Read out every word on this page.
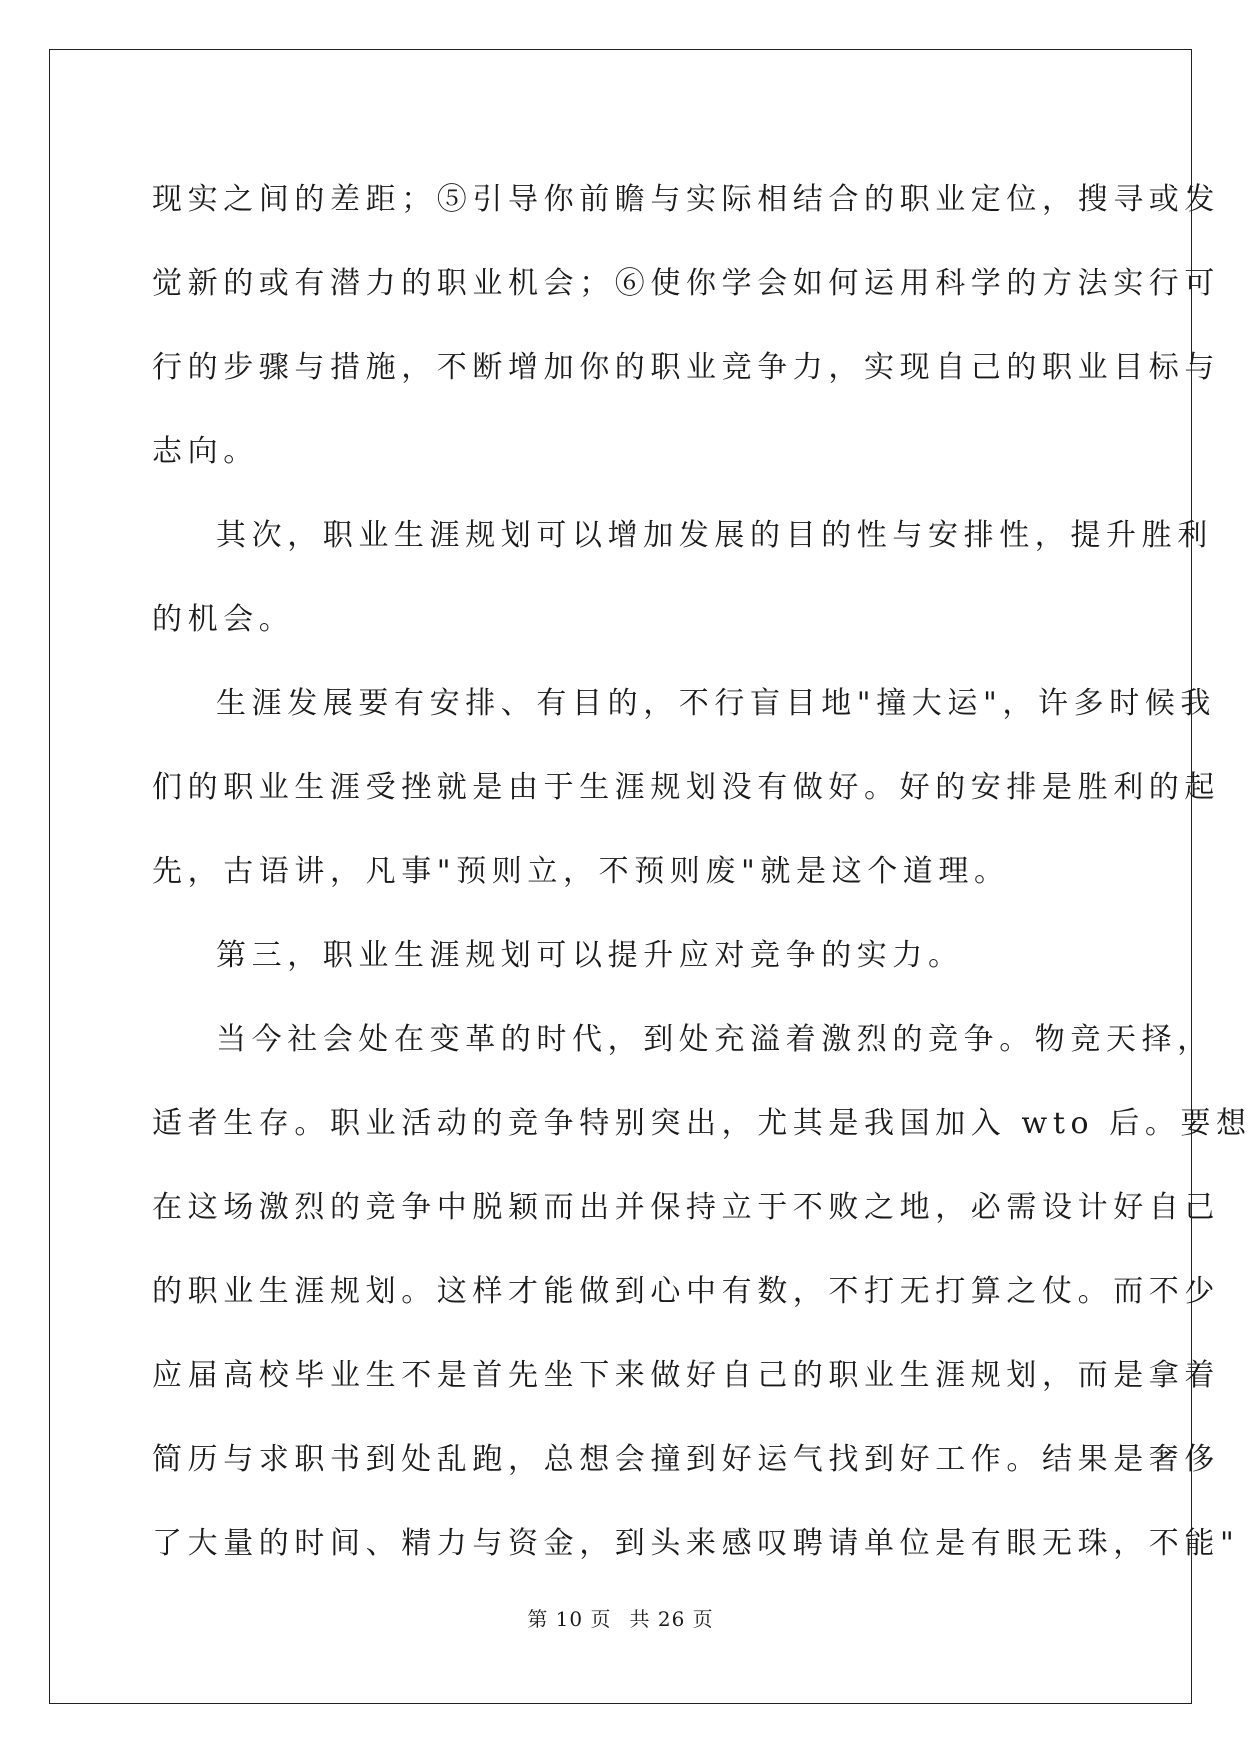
现实之间的差距；⑤引导你前瞻与实际相结合的职业定位，搜寻或发
觉新的或有潜力的职业机会；⑥使你学会如何运用科学的方法实行可
行的步骤与措施，不断增加你的职业竞争力，实现自己的职业目标与
志向。
其次，职业生涯规划可以增加发展的目的性与安排性，提升胜利
的机会。
生涯发展要有安排、有目的，不行盲目地"撞大运"，许多时候我
们的职业生涯受挫就是由于生涯规划没有做好。好的安排是胜利的起
先，古语讲，凡事"预则立，不预则废"就是这个道理。
第三，职业生涯规划可以提升应对竞争的实力。
当今社会处在变革的时代，到处充溢着激烈的竞争。物竞天择，
适者生存。职业活动的竞争特别突出，尤其是我国加入 wto 后。要想
在这场激烈的竞争中脱颖而出并保持立于不败之地，必需设计好自己
的职业生涯规划。这样才能做到心中有数，不打无打算之仗。而不少
应届高校毕业生不是首先坐下来做好自己的职业生涯规划，而是拿着
简历与求职书到处乱跑，总想会撞到好运气找到好工作。结果是奢侈
了大量的时间、精力与资金，到头来感叹聘请单位是有眼无珠，不能"
第 10 页 共 26 页
